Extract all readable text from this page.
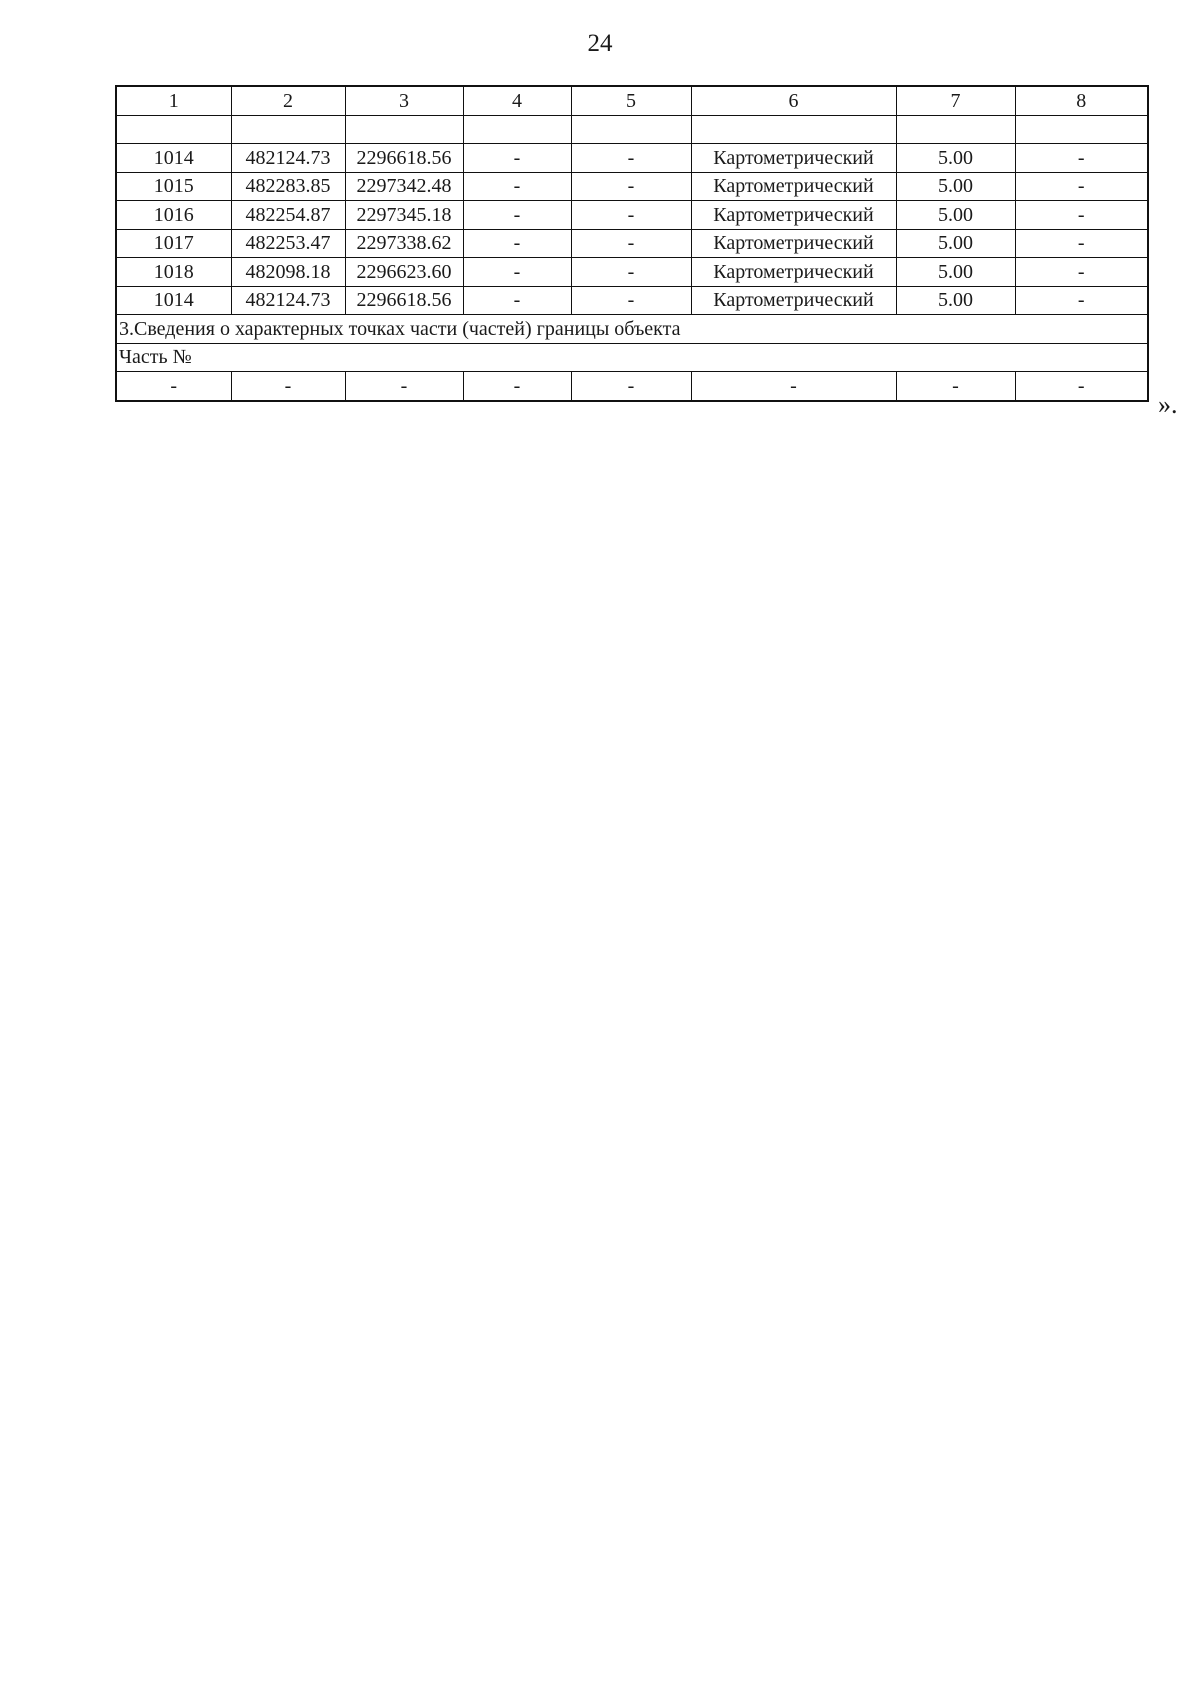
24
1	2	3	4	5	6	7	8

1014	482124.73	2296618.56	-	-	Картометрический	5.00	-
1015	482283.85	2297342.48	-	-	Картометрический	5.00	-
1016	482254.87	2297345.18	-	-	Картометрический	5.00	-
1017	482253.47	2297338.62	-	-	Картометрический	5.00	-
1018	482098.18	2296623.60	-	-	Картометрический	5.00	-
1014	482124.73	2296618.56	-	-	Картометрический	5.00	-
3.Сведения о характерных точках части (частей) границы объекта							
Часть №							
-	-	-	-	-	-	-	-
».
